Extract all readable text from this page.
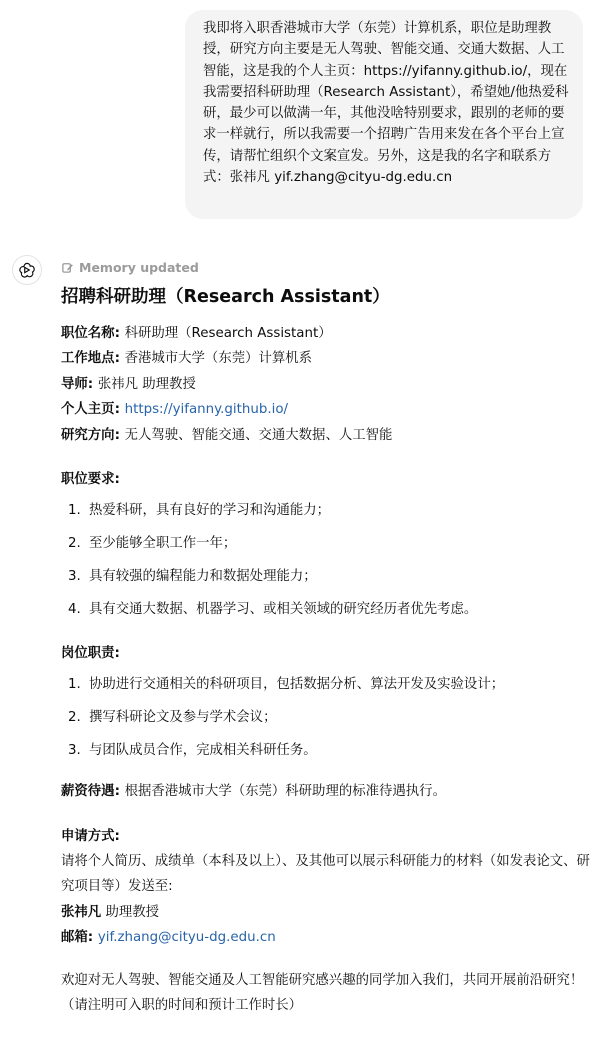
我即将入职香港城市大学（东莞）计算机系，职位是助理教授，研究方向主要是无人驾驶、智能交通、交通大数据、人工智能，这是我的个人主页：https://yifanny.github.io/，现在我需要招科研助理（Research Assistant），希望她/他热爱科研，最少可以做满一年，其他没啥特别要求，跟别的老师的要求一样就行，所以我需要一个招聘广告用来发在各个平台上宣传，请帮忙组织个文案宣发。另外，这是我的名字和联系方式：张祎凡 yif.zhang@cityu-dg.edu.cn
Memory updated
招聘科研助理（Research Assistant）
职位名称: 科研助理（Research Assistant）
工作地点: 香港城市大学（东莞）计算机系
导师: 张祎凡 助理教授
个人主页: https://yifanny.github.io/
研究方向: 无人驾驶、智能交通、交通大数据、人工智能
职位要求:
1. 热爱科研，具有良好的学习和沟通能力；
2. 至少能够全职工作一年；
3. 具有较强的编程能力和数据处理能力；
4. 具有交通大数据、机器学习、或相关领域的研究经历者优先考虑。
岗位职责:
1. 协助进行交通相关的科研项目，包括数据分析、算法开发及实验设计；
2. 撰写科研论文及参与学术会议；
3. 与团队成员合作，完成相关科研任务。
薪资待遇: 根据香港城市大学（东莞）科研助理的标准待遇执行。
申请方式:
请将个人简历、成绩单（本科及以上）、及其他可以展示科研能力的材料（如发表论文、研究项目等）发送至:
张祎凡 助理教授
邮箱: yif.zhang@cityu-dg.edu.cn
欢迎对无人驾驶、智能交通及人工智能研究感兴趣的同学加入我们，共同开展前沿研究！
（请注明可入职的时间和预计工作时长）
